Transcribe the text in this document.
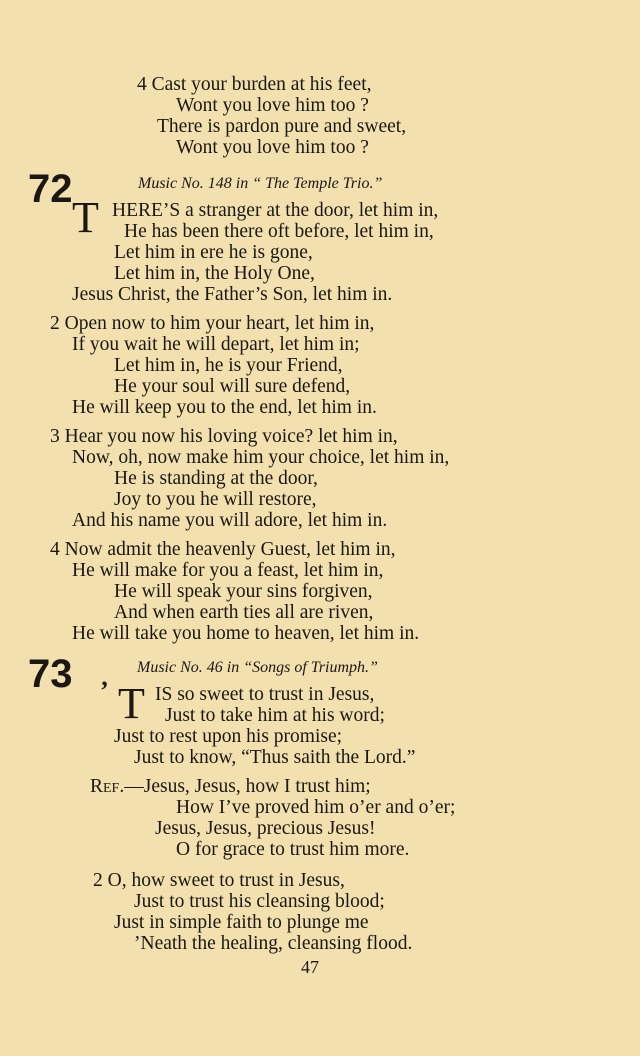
4 Cast your burden at his feet,
Wont you love him too ?
There is pardon pure and sweet,
Wont you love him too ?
72	Music No. 148 in “ The Temple Trio.”
T HERE’S a stranger at the door, let him in,
He has been there oft before, let him in,
Let him in ere he is gone,
Let him in, the Holy One,
Jesus Christ, the Father’s Son, let him in.
2 Open now to him your heart, let him in,
If you wait he will depart, let him in;
Let him in, he is your Friend,
He your soul will sure defend,
He will keep you to the end, let him in.
3 Hear you now his loving voice? let him in,
Now, oh, now make him your choice, let him in,
He is standing at the door,
Joy to you he will restore,
And his name you will adore, let him in.
4 Now admit the heavenly Guest, let him in,
He will make for you a feast, let him in,
He will speak your sins forgiven,
And when earth ties all are riven,
He will take you home to heaven, let him in.
73	Music No. 46 in “Songs of Triumph.”
’ T IS so sweet to trust in Jesus,
Just to take him at his word;
Just to rest upon his promise;
Just to know, “Thus saith the Lord.”
Ref.—Jesus, Jesus, how I trust him;
How I’ve proved him o’er and o’er;
Jesus, Jesus, precious Jesus!
O for grace to trust him more.
2 O, how sweet to trust in Jesus,
Just to trust his cleansing blood;
Just in simple faith to plunge me
’Neath the healing, cleansing flood.
47
